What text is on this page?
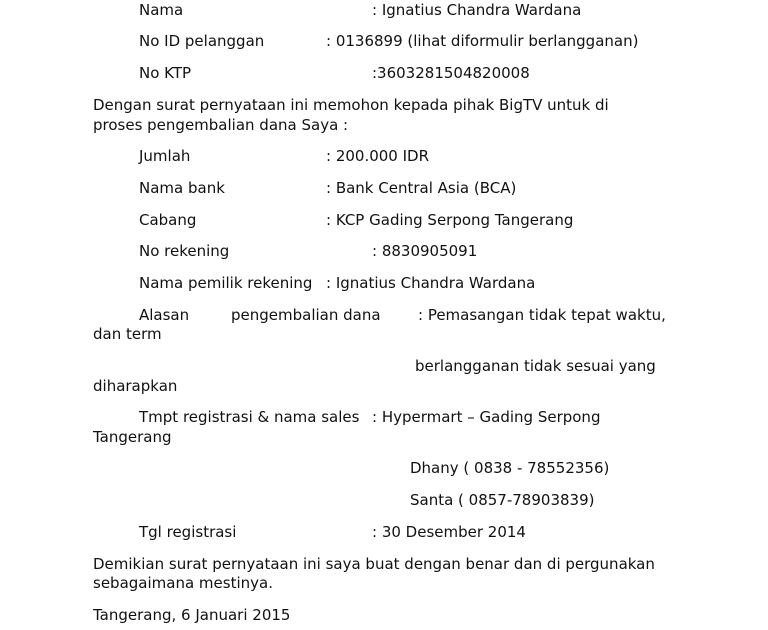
Nama	: Ignatius Chandra Wardana
No ID pelanggan	: 0136899 (lihat diformulir berlangganan)
No KTP	:3603281504820008
Dengan surat pernyataan ini memohon kepada pihak BigTV untuk di
proses pengembalian dana Saya :
Jumlah	: 200.000 IDR
Nama bank	: Bank Central Asia (BCA)
Cabang	: KCP Gading Serpong Tangerang
No rekening	: 8830905091
Nama pemilik rekening : Ignatius Chandra Wardana
Alasan	pengembalian dana : Pemasangan tidak tepat waktu,
dan term
berlangganan tidak sesuai yang
diharapkan
Tmpt registrasi & nama sales : Hypermart – Gading Serpong
Tangerang
Dhany ( 0838 - 78552356)
Santa ( 0857-78903839)
Tgl registrasi	: 30 Desember 2014
Demikian surat pernyataan ini saya buat dengan benar dan di pergunakan
sebagaimana mestinya.
Tangerang, 6 Januari 2015
